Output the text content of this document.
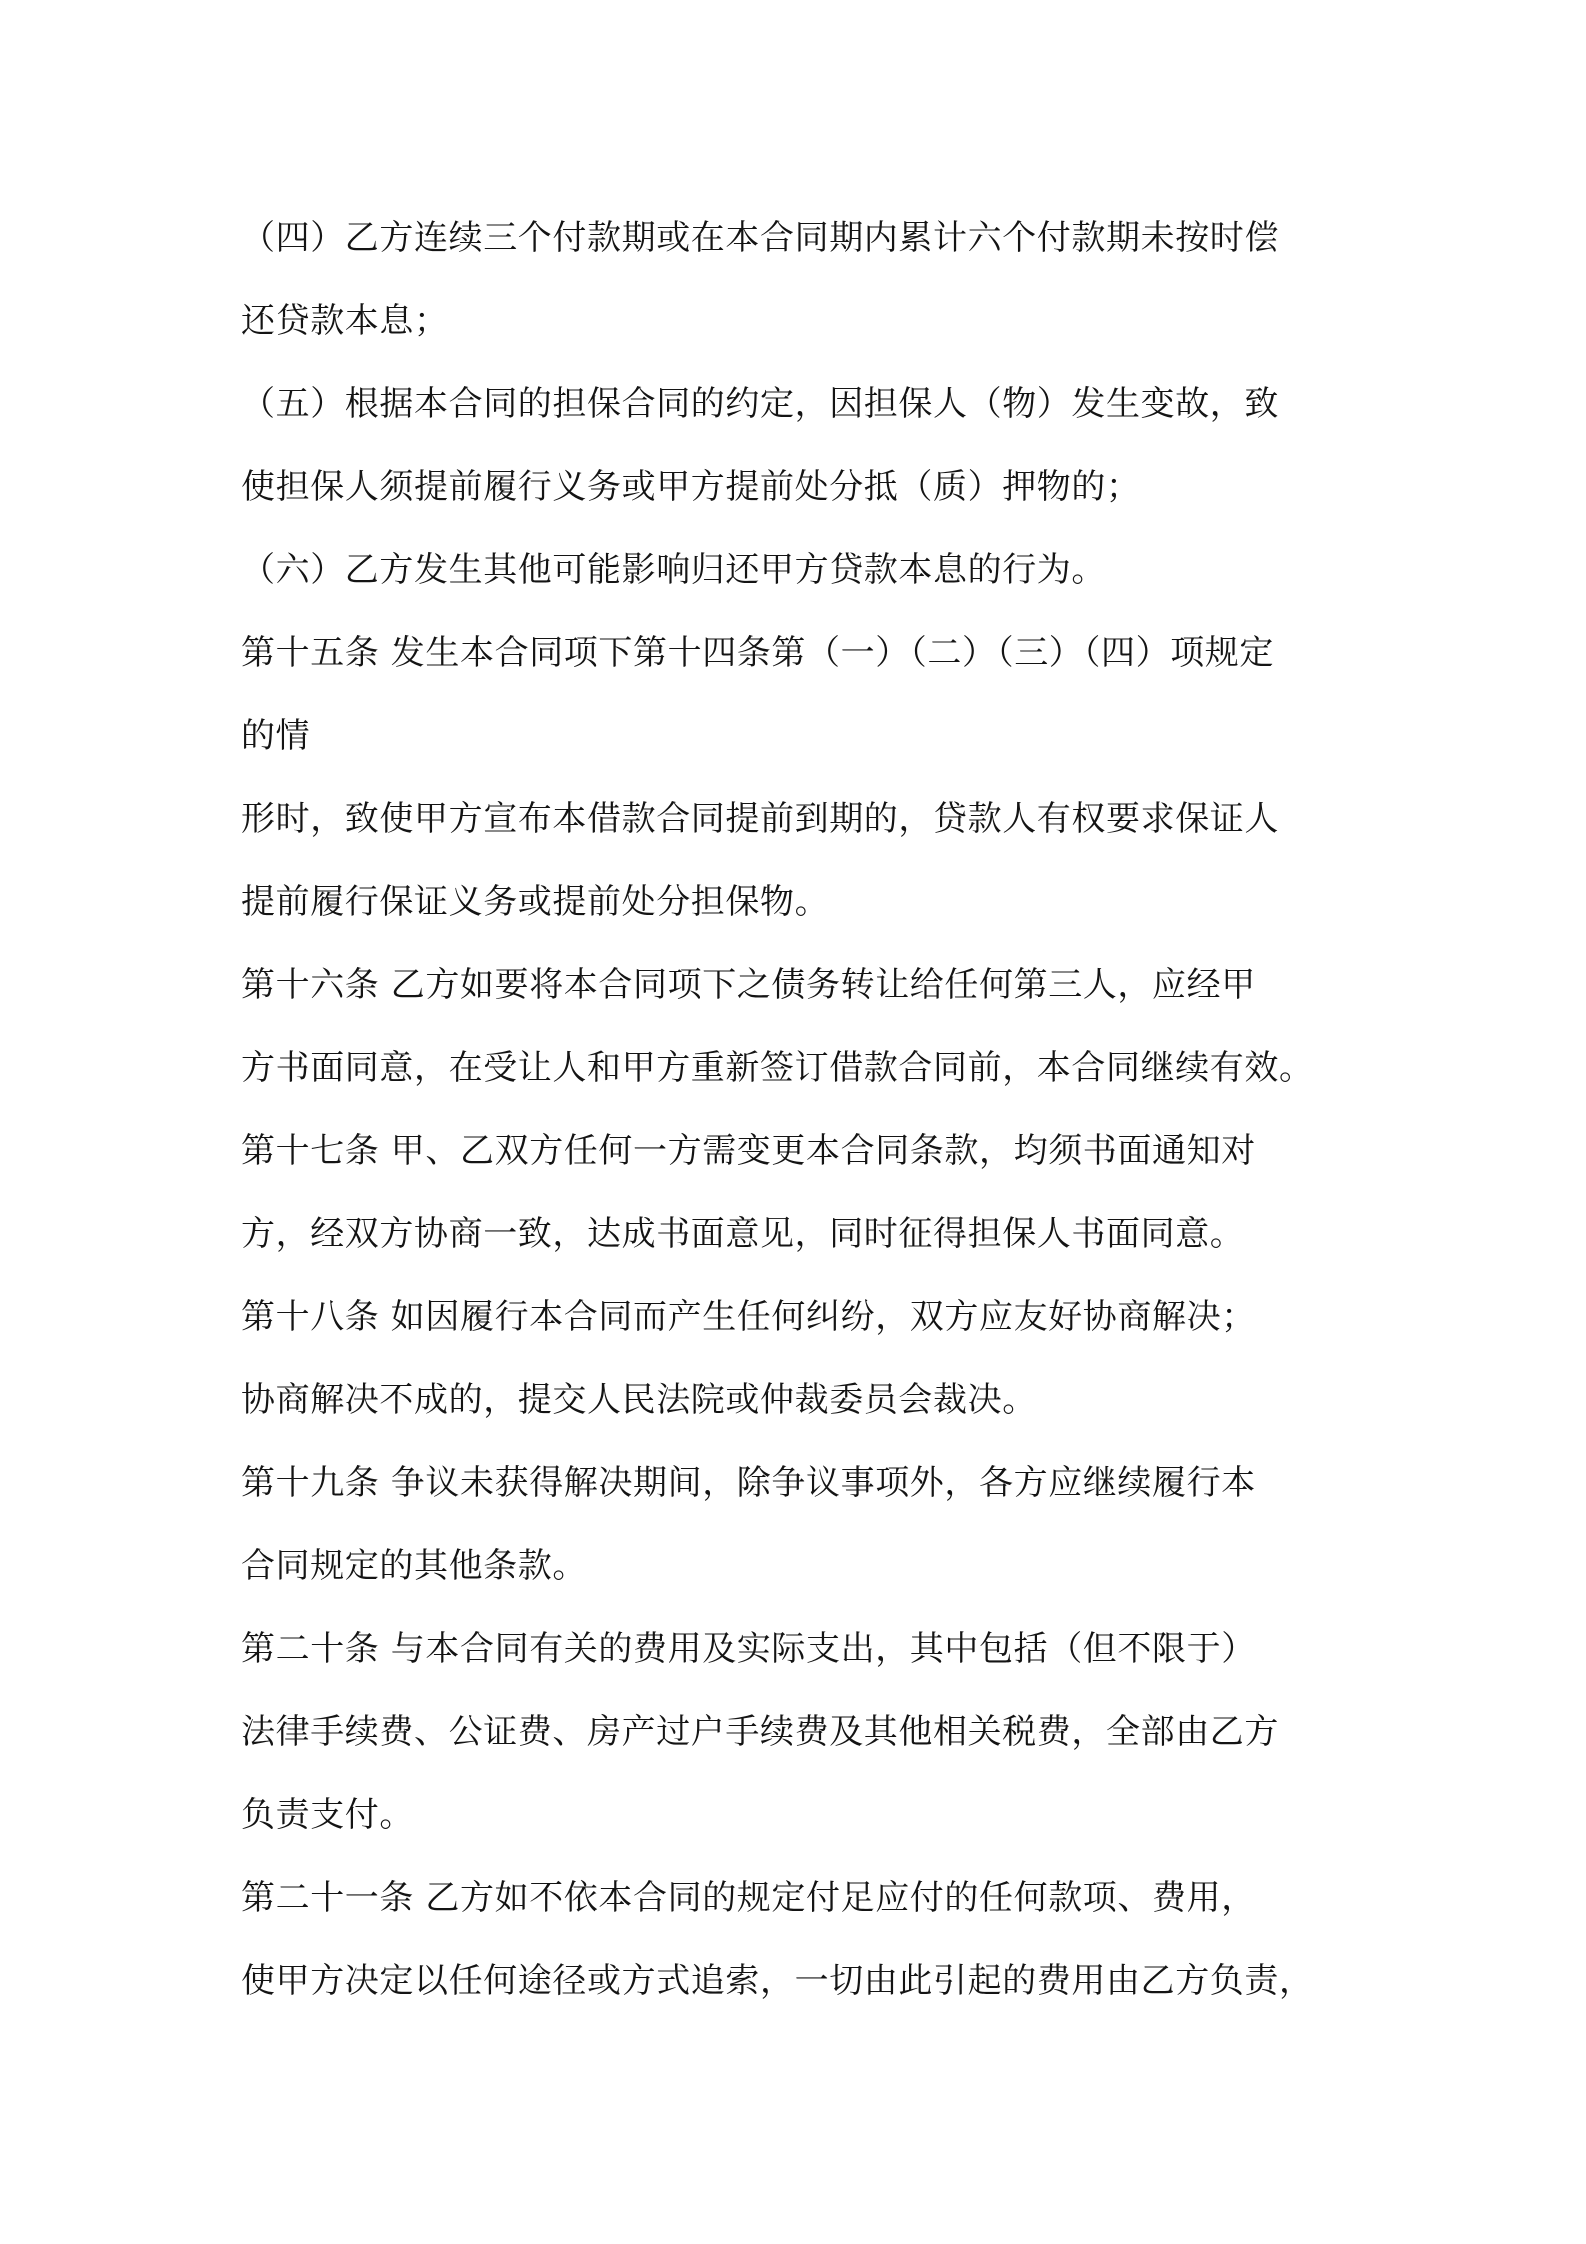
（四）乙方连续三个付款期或在本合同期内累计六个付款期未按时偿
还贷款本息；
（五）根据本合同的担保合同的约定，因担保人（物）发生变故，致
使担保人须提前履行义务或甲方提前处分抵（质）押物的；
（六）乙方发生其他可能影响归还甲方贷款本息的行为。
第十五条 发生本合同项下第十四条第（一）（二）（三）（四）项规定
的情
形时，致使甲方宣布本借款合同提前到期的，贷款人有权要求保证人
提前履行保证义务或提前处分担保物。
第十六条 乙方如要将本合同项下之债务转让给任何第三人，应经甲
方书面同意，在受让人和甲方重新签订借款合同前，本合同继续有效。
第十七条 甲、乙双方任何一方需变更本合同条款，均须书面通知对
方，经双方协商一致，达成书面意见，同时征得担保人书面同意。
第十八条 如因履行本合同而产生任何纠纷，双方应友好协商解决；
协商解决不成的，提交人民法院或仲裁委员会裁决。
第十九条 争议未获得解决期间，除争议事项外，各方应继续履行本
合同规定的其他条款。
第二十条 与本合同有关的费用及实际支出，其中包括（但不限于）
法律手续费、公证费、房产过户手续费及其他相关税费，全部由乙方
负责支付。
第二十一条 乙方如不依本合同的规定付足应付的任何款项、费用，
使甲方决定以任何途径或方式追索，一切由此引起的费用由乙方负责，
